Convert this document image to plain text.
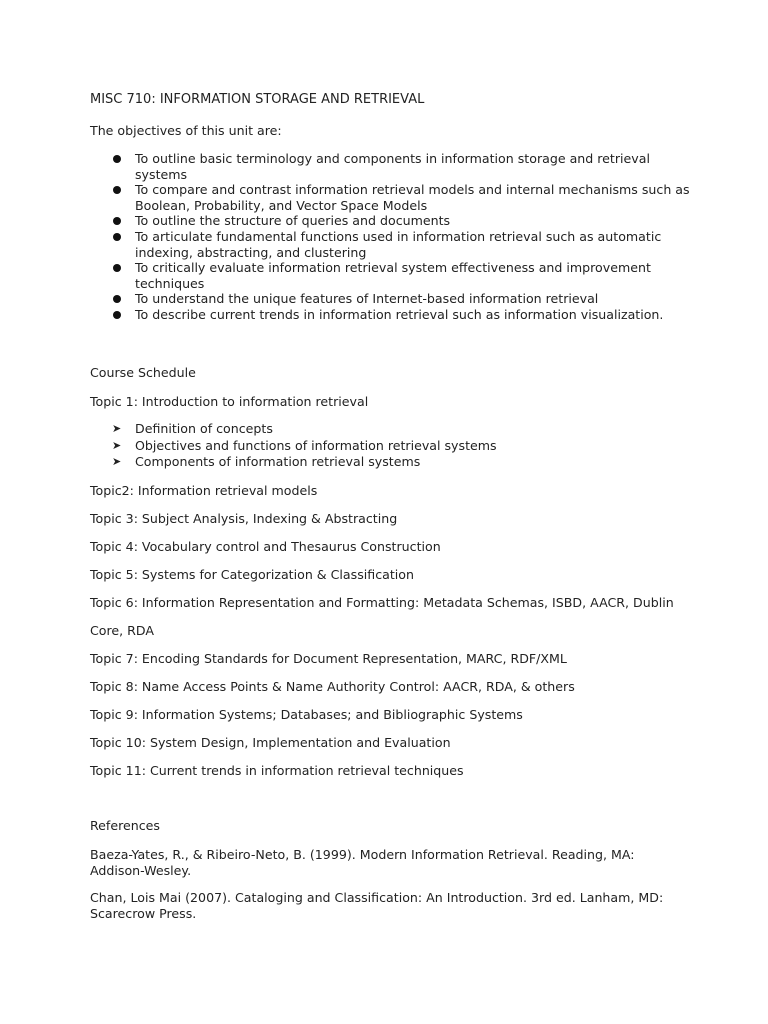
MISC 710: INFORMATION STORAGE AND RETRIEVAL
The objectives of this unit are:
To outline basic terminology and components in information storage and retrieval systems
To compare and contrast information retrieval models and internal mechanisms such as Boolean, Probability, and Vector Space Models
To outline the structure of queries and documents
To articulate fundamental functions used in information retrieval such as automatic indexing, abstracting, and clustering
To critically evaluate information retrieval system effectiveness and improvement techniques
To understand the unique features of Internet-based information retrieval
To describe current trends in information retrieval such as information visualization.
Course Schedule
Topic 1: Introduction to information retrieval
➤ Definition of concepts
➤ Objectives and functions of information retrieval systems
➤ Components of information retrieval systems
Topic2: Information retrieval models
Topic 3: Subject Analysis, Indexing & Abstracting
Topic 4: Vocabulary control and Thesaurus Construction
Topic 5: Systems for Categorization & Classification
Topic 6: Information Representation and Formatting: Metadata Schemas, ISBD, AACR, Dublin
Core, RDA
Topic 7: Encoding Standards for Document Representation, MARC, RDF/XML
Topic 8: Name Access Points & Name Authority Control: AACR, RDA, & others
Topic 9: Information Systems; Databases; and Bibliographic Systems
Topic 10: System Design, Implementation and Evaluation
Topic 11: Current trends in information retrieval techniques
References
Baeza-Yates, R., & Ribeiro-Neto, B. (1999). Modern Information Retrieval. Reading, MA: Addison-Wesley.
Chan, Lois Mai (2007). Cataloging and Classification: An Introduction. 3rd ed. Lanham, MD: Scarecrow Press.
